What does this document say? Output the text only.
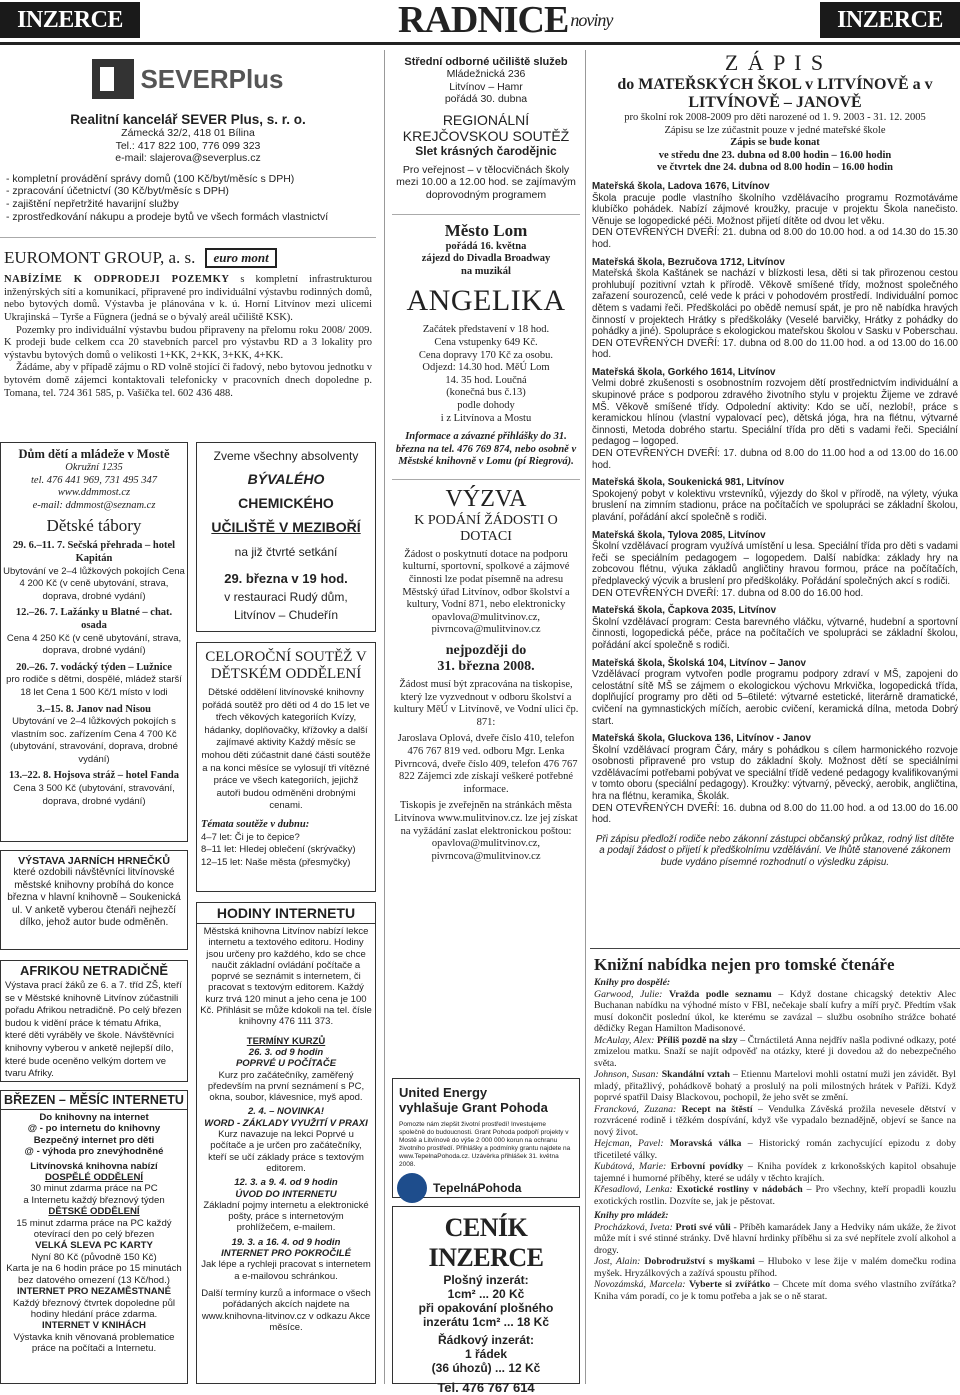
INZERCE	RADNICE $^{noviny}$	INZERCE
SEVERPlus
Realitní kancelář SEVER Plus, s. r. o.
Zámecká 32/2, 418 01 Bílina
Tel.: 417 822 100, 776 099 323
e-mail: slajerova@severplus.cz
- kompletní provádění správy domů (100 Kč/byt/měsíc s DPH)
- zpracování účetnictví (30 Kč/byt/měsíc s DPH)
- zajištění nepřetržité havarijní služby
- zprostředkování nákupu a prodeje bytů ve všech formách vlastnictví
EUROMONT GROUP, a. s.	euro mont

NABÍZÍME K ODPRODEJI POZEMKY s kompletní infrastrukturou inženýrských sítí a komunikací, připravené pro individuální výstavbu rodinných domů, nebo bytových domů. Výstavba je plánována v k. ú. Horní Litvínov mezi ulicemi Ukrajinská – Tyrše a Fügnera (jedná se o bývalý areál učiliště KSK).

Pozemky pro individuální výstavbu budou připraveny na přelomu roku 2008/ 2009. K prodeji bude celkem cca 20 stavebních parcel pro výstavbu RD a 3 lokality pro výstavbu bytových domů o velikosti 1+KK, 2+KK, 3+KK, 4+KK.

Žádáme, aby v případě zájmu o RD volně stojící či řadový, nebo bytovou jednotku v bytovém domě zájemci kontaktovali telefonicky v pracovních dnech dopoledne p. Tomana, tel. 724 361 585, p. Vašíčka tel. 602 436 488.

Dům dětí a mládeže v Mostě
Okružní 1235
tel. 476 441 969, 731 495 347
www.ddmmost.cz
e-mail: ddmmost@seznam.cz
Dětské tábory
29. 6.–11. 7. Sečská přehrada – hotel Kapitán
Ubytování ve 2–4 lůžkových pokojích Cena 4 200 Kč (v ceně ubytování, strava, doprava, drobné vydání)
12.–26. 7. Lažánky u Blatné – chat. osada
Cena 4 250 Kč (v ceně ubytování, strava, doprava, drobné vydání)
20.–26. 7. vodácký týden – Lužnice
pro rodiče s dětmi, dospělé, mládež starší 18 let Cena 1 500 Kč/1 místo v lodi
3.–15. 8. Janov nad Nisou
Ubytování ve 2–4 lůžkových pokojích s vlastním soc. zařízením Cena 4 700 Kč (ubytování, stravování, doprava, drobné vydání)
13.–22. 8. Hojsova stráž – hotel Fanda
Cena 3 500 Kč (ubytování, stravování, doprava, drobné vydání)
Zveme všechny absolventy
BÝVALÉHO
CHEMICKÉHO
UČILIŠTĚ V MEZIBOŘÍ
na již čtvrté setkání
29. března v 19 hod.
v restauraci Rudý dům,
Litvínov – Chudeřín
CELOROČNÍ SOUTĚŽ V DĚTSKÉM ODDĚLENÍ
Dětské oddělení litvínovské knihovny pořádá soutěž pro děti od 4 do 15 let ve třech věkových kategoriích Kvízy, hádanky, doplňovačky, křížovky a další zajímavé aktivity Každý měsíc se mohou děti zúčastnit dané části soutěže a na konci měsíce se vylosují tři vítězné práce ve všech kategoriích, jejichž autoři budou odměněni drobnými cenami.
Témata soutěže v dubnu:
4–7 let: Či je to čepice?
8–11 let: Hledej oblečení (skrývačky)
12–15 let: Naše města (přesmyčky)
VÝSTAVA JARNÍCH HRNEČKŮ
které ozdobili návštěvníci litvínovské městské knihovny probíhá do konce března v hlavní knihovně – Soukenická ul. V anketě vyberou čtenáři nejhezčí dílko, jehož autor bude odměněn.
AFRIKOU NETRADIČNĚ
Výstava prací žáků ze 6. a 7. tříd ZŠ, kteří se v Městské knihovně Litvínov zúčastnili pořadu Afrikou netradičně. Po celý březen budou k vidění práce k tématu Afrika, které děti vyráběly ve škole. Návštěvníci knihovny vyberou v anketě nejlepší dílo, které bude oceněno velkým dortem ve tvaru Afriky.
BŘEZEN – MĚSÍC INTERNETU
Do knihovny na internet
@ - po internetu do knihovny
Bezpečný internet pro děti
@ - výhoda pro znevýhodněné
Litvínovská knihovna nabízí
DOSPĚLÉ ODDĚLENÍ
30 minut zdarma práce na PC
a Internetu každý březnový týden
DĚTSKÉ ODDĚLENÍ
15 minut zdarma práce na PC každý otevírací den po celý březen
VELKÁ SLEVA PC KARTY
Nyní 80 Kč (původně 150 Kč)
Karta je na 6 hodin práce po 15 minutách bez datového omezení (13 Kč/hod.)
INTERNET PRO NEZAMĚSTNANÉ
Každý březnový čtvrtek dopoledne půl hodiny hledání práce zdarma.
INTERNET V KNIHÁCH
Výstavka knih věnovaná problematice práce na počítači a Internetu.
HODINY INTERNETU
Městská knihovna Litvínov nabízí lekce internetu a textového editoru. Hodiny jsou určeny pro každého, kdo se chce naučit základní ovládání počítače a poprvé se seznámit s internetem, či pracovat s textovým editorem. Každý kurz trvá 120 minut a jeho cena je 100 Kč. Přihlásit se může kdokoli na tel. čísle knihovny 476 111 373.
TERMÍNY KURZŮ
26. 3. od 9 hodin
POPRVÉ U POČÍTAČE
Kurz pro začátečníky, zaměřený především na první seznámení s PC, okna, soubor, klávesnice, myš apod.
2. 4. – NOVINKA!
WORD - ZÁKLADY VYUŽITÍ V PRAXI
Kurz navazuje na lekci Poprvé u počítače a je určen pro začátečníky, kteří se učí základy práce s textovým editorem.
12. 3. a 9. 4. od 9 hodin
ÚVOD DO INTERNETU
Základní pojmy internetu a elektronické pošty, práce s internetovým prohlížečem, e-mailem.
19. 3. a 16. 4. od 9 hodin
INTERNET PRO POKROČILÉ
Jak lépe a rychleji pracovat s internetem a e-mailovou schránkou.
Další termíny kurzů a informace o všech pořádaných akcích najdete na www.knihovna-litvinov.cz v odkazu Akce měsíce.
Střední odborné učiliště služeb
Mládežnická 236
Litvínov – Hamr
pořádá 30. dubna
REGIONÁLNÍ KREJČOVSKOU SOUTĚŽ
Slet krásných čarodějnic
Pro veřejnost – v tělocvičnách školy mezi 10.00 a 12.00 hod. se zajímavým doprovodným programem
Město Lom
pořádá 16. května
zájezd do Divadla Broadway
na muzikál
ANGELIKA
Začátek představení v 18 hod.
Cena vstupenky 649 Kč.
Cena dopravy 170 Kč za osobu.
Odjezd: 14.30 hod. MěÚ Lom
14. 35 hod. Loučná
(konečná bus č.13)
podle dohody
i z Litvínova a Mostu
Informace a závazné přihlášky do 31. března na tel. 476 769 874, nebo osobně v Městské knihovně v Lomu (pí Riegrová).
VÝZVA
K PODÁNÍ ŽÁDOSTI O DOTACI
Žádost o poskytnutí dotace na podporu kulturní, sportovní, spolkové a zájmové činnosti lze podat písemně na adresu Městský úřad Litvínov, odbor školství a kultury, Vodní 871, nebo elektronicky opavlova@mulitvinov.cz, pivrncova@mulitvinov.cz
nejpozději do
31. března 2008.
Žádost musí být zpracována na tiskopise, který lze vyzvednout v odboru školství a kultury MěÚ v Litvínově, ve Vodní ulici čp. 871:
Jaroslava Oplová, dveře číslo 410, telefon 476 767 819 ved. odboru Mgr. Lenka Pivrncová, dveře číslo 409, telefon 476 767 822 Zájemci zde získají veškeré potřebné informace.
Tiskopis je zveřejněn na stránkách města Litvínova www.mulitvinov.cz. lze jej získat na vyžádání zaslat elektronickou poštou: opavlova@mulitvinov.cz, pivrncova@mulitvinov.cz
United Energy
vyhlašuje Grant Pohoda
Pomozte nám zlepšit životní prostředí! Investujeme společně do budoucnosti. Grant Pohoda podpoří projekty v Mostě a Litvínově do výše 2 000 000 korun na ochranu životního prostředí. Přihlášky a podmínky grantu najdete na www.TepelnaPohoda.cz. Uzávěrka přihlášek 31. května 2008.
TepelnáPohoda
CENÍK INZERCE
Plošný inzerát:
1cm² ... 20 Kč
při opakování plošného
inzerátu 1cm² ... 18 Kč
Řádkový inzerát:
1 řádek
(36 úhozů) ... 12 Kč
Tel. 476 767 614
Z Á P I S
do MATEŘSKÝCH ŠKOL v LITVÍNOVĚ a v LITVÍNOVĚ – JANOVĚ
pro školní rok 2008-2009 pro děti narozené od 1. 9. 2003 - 31. 12. 2005
Zápisu se lze zúčastnit pouze v jedné mateřské škole
Zápis se bude konat
ve středu dne 23. dubna od 8.00 hodin – 16.00 hodin
ve čtvrtek dne 24. dubna od 8.00 hodin – 16.00 hodin
Mateřská škola, Ladova 1676, Litvínov
Škola pracuje podle vlastního školního vzdělávacího programu Rozmotáváme klubíčko pohádek. Nabízí zájmové kroužky, pracuje v projektu Škola nanečisto. Věnuje se logopedické péči. Možnost přijetí dítěte od dvou let věku.
DEN OTEVŘENÝCH DVEŘÍ: 21. dubna od 8.00 do 10.00 hod. a od 14.30 do 15.30 hod.
Mateřská škola, Bezručova 1712, Litvínov
Mateřská škola Kaštánek se nachází v blízkosti lesa, děti si tak přirozenou cestou prohlubují pozitivní vztah k přírodě. Věkově smíšené třídy, možnost společného zařazení sourozenců, celé vede k práci v pohodovém prostředí. Individuální pomoc dětem s vadami řeči. Předškoláci po obědě nemusí spát, je pro ně nabídka hravých činností v projektech Hrátky s předškoláky (Veselé barvičky, Hrátky z pohádky do pohádky a jiné). Spolupráce s ekologickou mateřskou školou v Sasku v Poberschau.
DEN OTEVŘENÝCH DVEŘÍ: 17. dubna od 8.00 do 11.00 hod. a od 13.00 do 16.00 hod.
Mateřská škola, Gorkého 1614, Litvínov
Velmi dobré zkušenosti s osobnostním rozvojem dětí prostřednictvím individuální a skupinové práce s podporou zdravého životního stylu v projektu Žijeme ve zdravé MŠ. Věkově smíšené třídy. Odpolední aktivity: Kdo se učí, nezlobí!, práce s keramickou hlínou (vlastní vypalovací pec), dětská jóga, hra na flétnu, výtvarné činnosti, Metoda dobrého startu. Speciální třída pro děti s vadami řeči. Speciální pedagog – logoped.
DEN OTEVŘENÝCH DVEŘÍ: 17. dubna od 8.00 do 11.00 hod a od 13.00 do 16.00 hod.
Mateřská škola, Soukenická 981, Litvínov
Spokojený pobyt v kolektivu vrstevníků, výjezdy do škol v přírodě, na výlety, výuka bruslení na zimním stadionu, práce na počítačích ve spolupráci se základní školou, plavání, pořádání akcí společně s rodiči.
Mateřská škola, Tylova 2085, Litvínov
Školní vzdělávací program využívá umístění u lesa. Speciální třída pro děti s vadami řeči se speciálním pedagogem – logopedem. Další nabídka: základy hry na zobcovou flétnu, výuka základů angličtiny hravou formou, práce na počítačích, předplavecký výcvik a bruslení pro předškoláky. Pořádání společných akcí s rodiči.
DEN OTEVŘENÝCH DVEŘÍ: 17. dubna od 8.00 do 16.00 hod.
Mateřská škola, Čapkova 2035, Litvínov
Školní vzdělávací program: Cesta barevného vláčku, výtvarné, hudební a sportovní činnosti, logopedická péče, práce na počítačích ve spolupráci se základní školou, pořádání akcí společně s rodiči.
Mateřská škola, Školská 104, Litvínov – Janov
Vzdělávací program vytvořen podle programu podpory zdraví v MŠ, zapojeni do celostátní sítě MŠ se zájmem o ekologickou výchovu Mrkvička, logopedická třída, doplňující programy pro děti od 5–6tileté: výtvarné estetické, literárně dramatické, cvičení na gymnastických míčích, aerobic cvičení, keramická dílna, metoda Dobrý start.
Mateřská škola, Gluckova 136, Litvínov - Janov
Školní vzdělávací program Čáry, máry s pohádkou s cílem harmonického rozvoje osobnosti připravené pro vstup do základní školy. Možnost dětí se speciálními vzdělávacími potřebami pobývat ve speciální třídě vedené pedagogy kvalifikovanými v tomto oboru (speciální pedagogy). Kroužky: výtvarný, pěvecký, aerobik, angličtina, hra na flétnu, keramika, Školák.
DEN OTEVŘENÝCH DVEŘÍ: 16. dubna od 8.00 do 11.00 hod. a od 13.00 do 16.00 hod.
Při zápisu předloží rodiče nebo zákonní zástupci občanský průkaz, rodný list dítěte a podají žádost o přijetí k předškolnímu vzdělávání. Ve lhůtě stanovené zákonem bude vydáno písemné rozhodnutí o výsledku zápisu.
Knižní nabídka nejen pro tomské čtenáře
Knihy pro dospělé:
Garwood, Julie: Vražda podle seznamu – Když dostane chicagský detektiv Alec Buchanan nabídku na výhodné místo v FBI, nečekaje sbalí kufry a míří pryč. Předtím však musí dokončit poslední úkol, ke kterému se zavázal – službu osobního strážce bohaté dědičky Regan Hamilton Madisonové.
McAulay, Alex: Příliš pozdě na slzy – Čtrnáctiletá Anna nejdřív našla podivné odkazy, poté zmizelou matku. Snaží se najít odpověď na otázky, které ji dovedou až do nebezpečného světa.
Johnson, Susan: Skandální vztah – Etiennu Martelovi mohli ostatní muži jen závidět. Byl mladý, přitažlivý, pohádkově bohatý a proslulý na poli milostných hrátek v Paříži. Když poprvé spatřil Daisy Blackovou, pochopil, že jeho svět se změní.
Francková, Zuzana: Recept na štěstí – Vendulka Závěská prožila nevesele dětství v rozvrácené rodině i těžkém dospívání, když vše vypadalo beznadějně, objeví se šance na nový život.
Hejcman, Pavel: Moravská válka – Historický román zachycující epizodu z doby třicetileté války.
Kubátová, Marie: Erbovní povídky – Kniha povídek z krkonošských kapitol obsahuje tajemné i humorné příběhy, které se udály v těchto krajích.
Křesadlová, Lenka: Exotické rostliny v nádobách – Pro všechny, kteří propadli kouzlu exotických rostlin. Dozvíte se, jak je pěstovat.
Knihy pro mládež:
Procházková, Iveta: Proti své vůli - Příběh kamarádek Jany a Hedviky nám ukáže, že život může mít i své stinné stránky. Dvě hlavní hrdinky příběhu si za své nepřítele zvolí alkohol a drogy.
Jost, Alain: Dobrodružství s myškami – Hluboko v lese žije v malém domečku rodina myšek. Hryzálkových a zažívá spoustu příhod.
Novozámská, Marcela: Vyberte si zvířátko – Chcete mít doma svého vlastního zvířátka? Kniha vám poradí, co je k tomu potřeba a jak se o ně starat.
